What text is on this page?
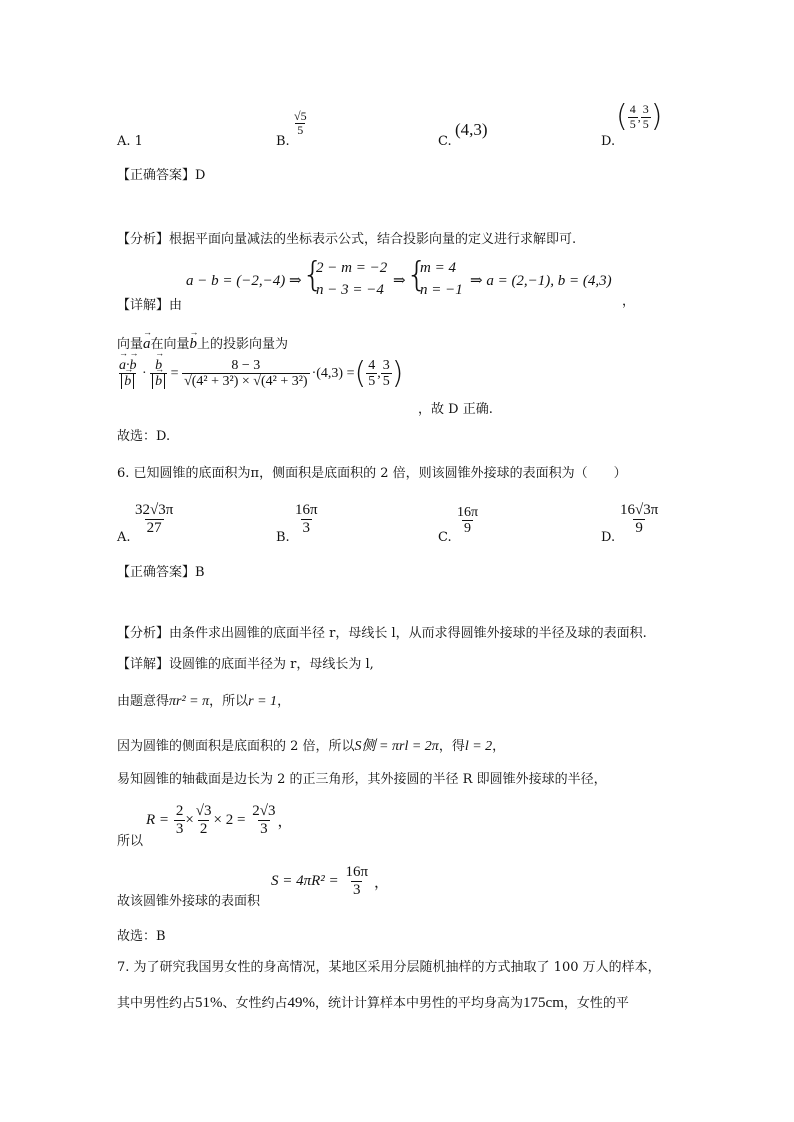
A. 1	B.
$\frac{√5}{5}$
C.
(4,3)
D.
( $\frac{4}{5}$ , $\frac{3}{5}$ )
【正确答案】D
【分析】根据平面向量减法的坐标表示公式，结合投影向量的定义进行求解即可.
a − b = (−2,−4) ⇒ {
2 − m = −2
n − 3 = −4
⇒ {
m = 4
n = −1
⇒ a = (2,−1), b = (4,3)
，
【详解】由
向量→ a在向量→ b上的投影向量为
→ a·→ b
→ b ·
→ b
→ $b = \frac{8 - 3}{\text{√(4² + 3²) × √(4² + 3²)}} \cdot(4,3)$ = ( $\frac{4}{5}$ , $\frac{3}{5}$ )
，故 D 正确.
故选：D.
6. 已知圆锥的底面积为π，侧面积是底面积的 2 倍，则该圆锥外接球的表面积为（　　）
A.
$\frac{32√3\pi}{27}$
B.
$\frac{16\pi}{3}$
C.
$\frac{16\pi}{9}$
D.
$\frac{16√3\pi}{9}$
【正确答案】B
【分析】由条件求出圆锥的底面半径 r，母线长 l，从而求得圆锥外接球的半径及球的表面积.
【详解】设圆锥的底面半径为 r，母线长为 l,
由题意得πr² = π，所以r = 1，
因为圆锥的侧面积是底面积的 2 倍，所以S侧 = πrl = 2π，得l = 2，
易知圆锥的轴截面是边长为 2 的正三角形，其外接圆的半径 R 即圆锥外接球的半径，
所以
R =
$\frac{2}{3} \times \frac{√3}{2} \times 2$ =
$\frac{2√3}{3}$ ，
故该圆锥外接球的表面积
S = 4πR² =
$\frac{16\pi}{3}$ ，
故选：B
7. 为了研究我国男女性的身高情况，某地区采用分层随机抽样的方式抽取了 100 万人的样本，
其中男性约占51%、女性约占49%，统计计算样本中男性的平均身高为175cm，女性的平
